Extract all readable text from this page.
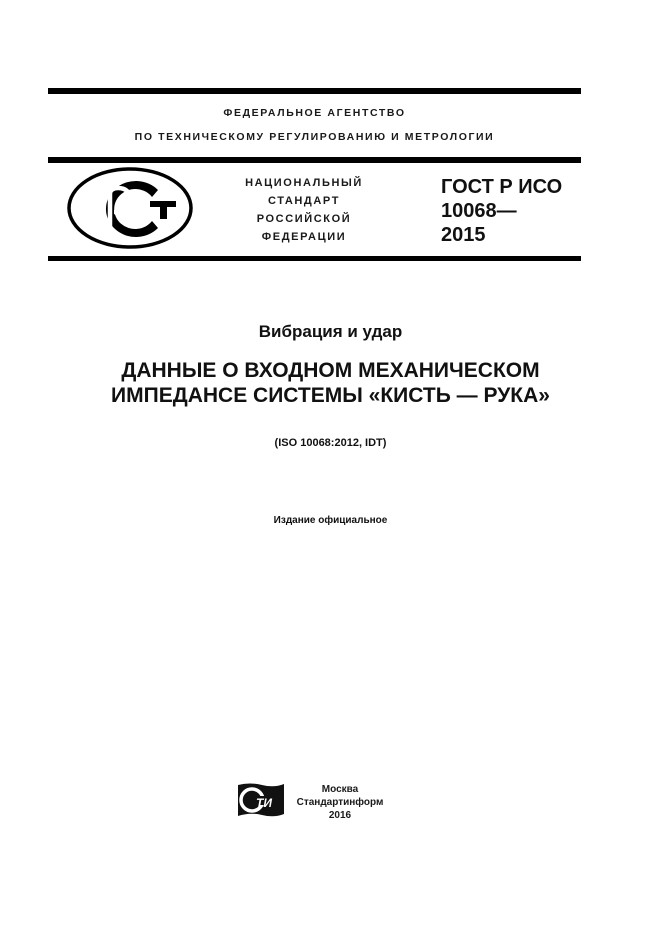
ФЕДЕРАЛЬНОЕ АГЕНТСТВО
ПО ТЕХНИЧЕСКОМУ РЕГУЛИРОВАНИЮ И МЕТРОЛОГИИ
НАЦИОНАЛЬНЫЙ
СТАНДАРТ
РОССИЙСКОЙ
ФЕДЕРАЦИИ
ГОСТ Р ИСО
10068—
2015
Вибрация и удар
ДАННЫЕ О ВХОДНОМ МЕХАНИЧЕСКОМ
ИМПЕДАНСЕ СИСТЕМЫ «КИСТЬ — РУКА»
(ISO 10068:2012, IDT)
Издание официальное
ТИ
Москва
Стандартинформ
2016
